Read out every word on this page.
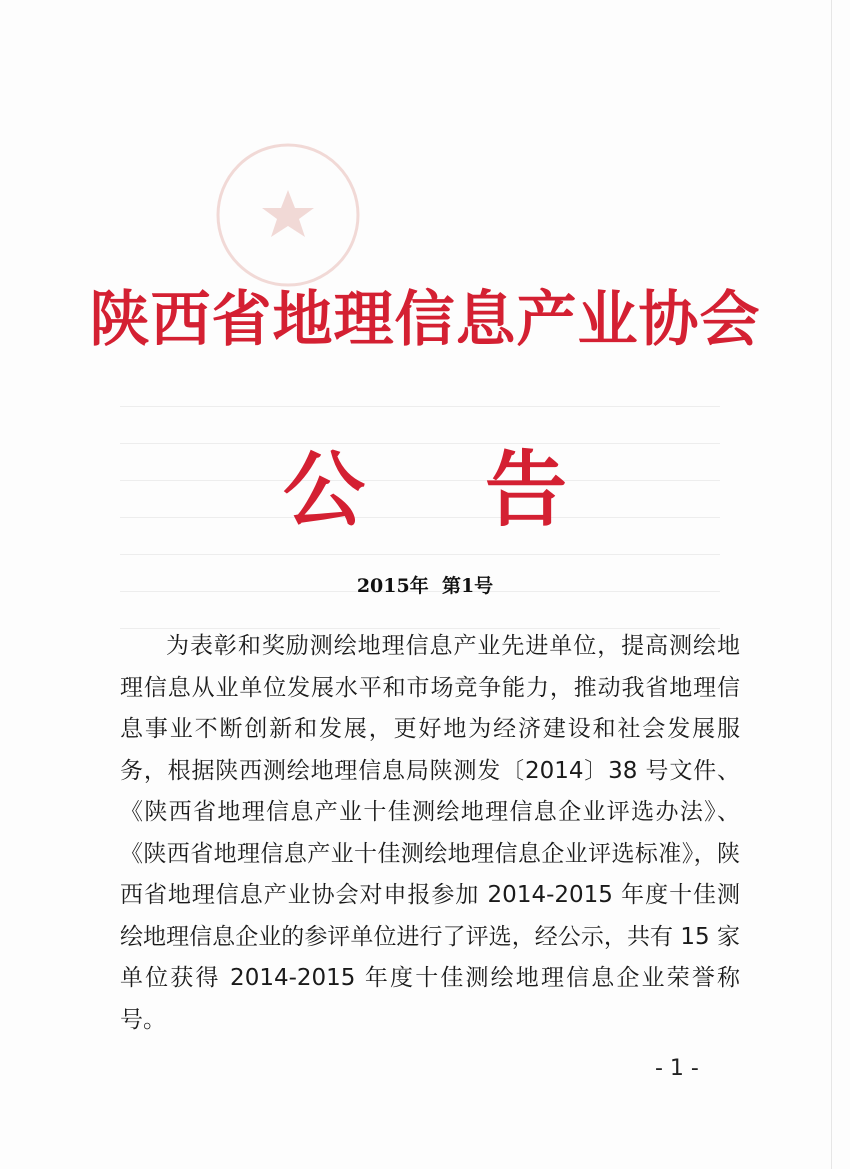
陕西省地理信息产业协会
公告
2015年  第1号
为表彰和奖励测绘地理信息产业先进单位，提高测绘地理信息从业单位发展水平和市场竞争能力，推动我省地理信息事业不断创新和发展，更好地为经济建设和社会发展服务，根据陕西测绘地理信息局陕测发〔2014〕38 号文件、《陕西省地理信息产业十佳测绘地理信息企业评选办法》、《陕西省地理信息产业十佳测绘地理信息企业评选标准》，陕西省地理信息产业协会对申报参加 2014-2015 年度十佳测绘地理信息企业的参评单位进行了评选，经公示，共有 15 家单位获得 2014-2015 年度十佳测绘地理信息企业荣誉称号。
- 1 -
